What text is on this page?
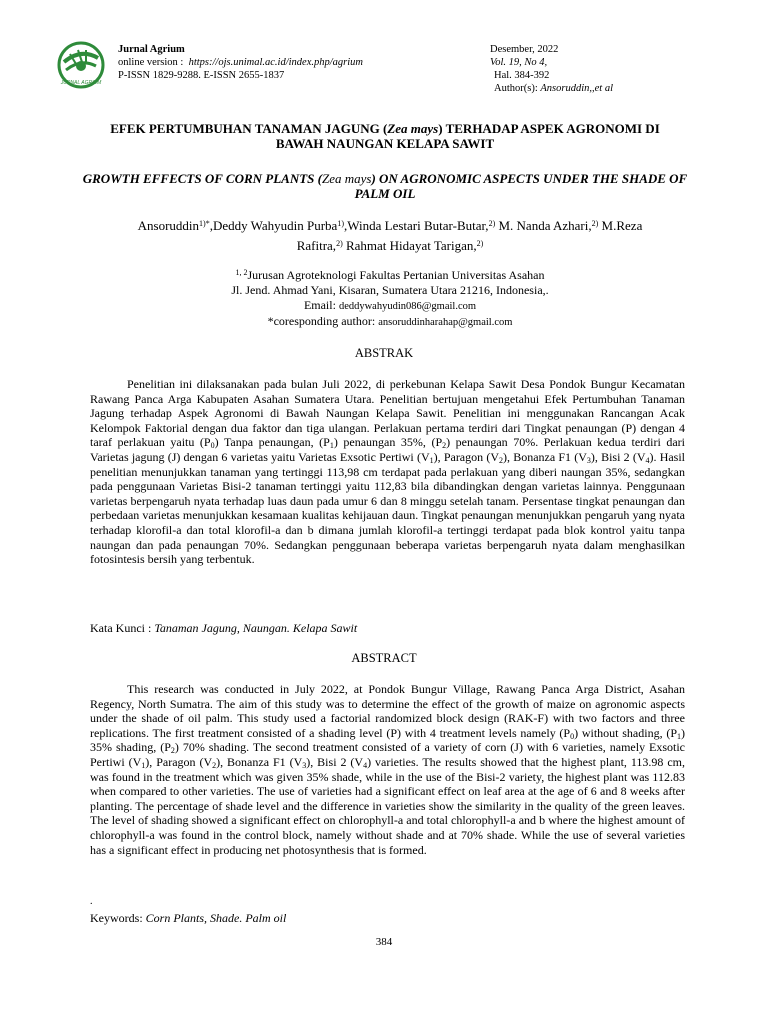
JURNAL AGRIUM
Jurnal Agrium
online version : https://ojs.unimal.ac.id/index.php/agrium
P-ISSN 1829-9288. E-ISSN 2655-1837
Desember, 2022
Vol. 19, No 4,
Hal. 384-392
Author(s): Ansoruddin,,et al
EFEK PERTUMBUHAN TANAMAN JAGUNG (Zea mays) TERHADAP ASPEK AGRONOMI DI BAWAH NAUNGAN KELAPA SAWIT
GROWTH EFFECTS OF CORN PLANTS (Zea mays) ON AGRONOMIC ASPECTS UNDER THE SHADE OF PALM OIL
Ansoruddin$^{1)*}$,Deddy Wahyudin Purba$^{1)}$,Winda Lestari Butar-Butar,$^{2)}$ M. Nanda Azhari,$^{2)}$ M.Reza Rafitra,$^{2)}$ Rahmat Hidayat Tarigan,$^{2)}$
$^{1, 2}$Jurusan Agroteknologi Fakultas Pertanian Universitas Asahan
Jl. Jend. Ahmad Yani, Kisaran, Sumatera Utara 21216, Indonesia,.
Email: deddywahyudin086@gmail.com
*coresponding author: ansoruddinharahap@gmail.com
ABSTRAK

Penelitian ini dilaksanakan pada bulan Juli 2022, di perkebunan Kelapa Sawit Desa Pondok Bungur Kecamatan Rawang Panca Arga Kabupaten Asahan Sumatera Utara. Penelitian bertujuan mengetahui Efek Pertumbuhan Tanaman Jagung terhadap Aspek Agronomi di Bawah Naungan Kelapa Sawit. Penelitian ini menggunakan Rancangan Acak Kelompok Faktorial dengan dua faktor dan tiga ulangan. Perlakuan pertama terdiri dari Tingkat penaungan (P) dengan 4 taraf perlakuan yaitu $(P_0)$ Tanpa penaungan, $(P_1)$ penaungan 35%, $(P_2)$ penaungan 70%. Perlakuan kedua terdiri dari Varietas jagung (J) dengan 6 varietas yaitu Varietas Exsotic Pertiwi $(V_1)$, Paragon $(V_2)$, Bonanza F1 $(V_3)$, Bisi 2 $(V_4)$. Hasil penelitian menunjukkan tanaman yang tertinggi 113,98 cm terdapat pada perlakuan yang diberi naungan 35%, sedangkan pada penggunaan Varietas Bisi-2 tanaman tertinggi yaitu 112,83 bila dibandingkan dengan varietas lainnya. Penggunaan varietas berpengaruh nyata terhadap luas daun pada umur 6 dan 8 minggu setelah tanam. Persentase tingkat penaungan dan perbedaan varietas menunjukkan kesamaan kualitas kehijauan daun. Tingkat penaungan menunjukkan pengaruh yang nyata terhadap klorofil-a dan total klorofil-a dan b dimana jumlah klorofil-a tertinggi terdapat pada blok kontrol yaitu tanpa naungan dan pada penaungan 70%. Sedangkan penggunaan beberapa varietas berpengaruh nyata dalam menghasilkan fotosintesis bersih yang terbentuk.

Kata Kunci : Tanaman Jagung, Naungan. Kelapa Sawit
ABSTRACT

This research was conducted in July 2022, at Pondok Bungur Village, Rawang Panca Arga District, Asahan Regency, North Sumatra. The aim of this study was to determine the effect of the growth of maize on agronomic aspects under the shade of oil palm. This study used a factorial randomized block design (RAK-F) with two factors and three replications. The first treatment consisted of a shading level (P) with 4 treatment levels namely $(P_0)$ without shading, $(P_1)$ 35% shading, $(P_2)$ 70% shading. The second treatment consisted of a variety of corn (J) with 6 varieties, namely Exsotic Pertiwi $(V_1)$, Paragon $(V_2)$, Bonanza F1 $(V_3)$, Bisi 2 $(V_4)$ varieties. The results showed that the highest plant, 113.98 cm, was found in the treatment which was given 35% shade, while in the use of the Bisi-2 variety, the highest plant was 112.83 when compared to other varieties. The use of varieties had a significant effect on leaf area at the age of 6 and 8 weeks after planting. The percentage of shade level and the difference in varieties show the similarity in the quality of the green leaves. The level of shading showed a significant effect on chlorophyll-a and total chlorophyll-a and b where the highest amount of chlorophyll-a was found in the control block, namely without shade and at 70% shade. While the use of several varieties has a significant effect in producing net photosynthesis that is formed.

.
Keywords: Corn Plants, Shade. Palm oil
384
